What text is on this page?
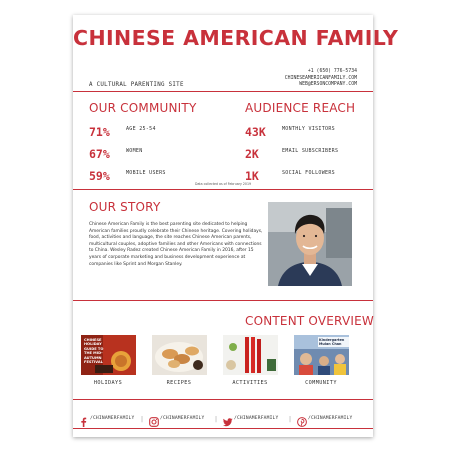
CHINESE AMERICAN FAMILY
A CULTURAL PARENTING SITE
+1 (650) 776-5734
CHINESEAMERICANFAMILY.COM
WEB@ERSONCOMPANY.COM
OUR COMMUNITY
71%	AGE 25-54
67%	WOMEN
59%	MOBILE USERS
AUDIENCE REACH
43K	MONTHLY VISITORS
2K	EMAIL SUBSCRIBERS
1K	SOCIAL FOLLOWERS
Data collected as of February 2019
OUR STORY
Chinese American Family is the best parenting site dedicated to helping American families proudly celebrate their Chinese heritage. Covering holidays, food, activities and language, the site reaches Chinese American parents, multicultural couples, adoptive families and other Americans with connections to China. Wesley Radez created Chinese American Family in 2016, after 15 years of corporate marketing and business development experience at companies like Sprint and Morgan Stanley.
CONTENT OVERVIEW
CHINESE HOLIDAY GUIDE TO THE MID-AUTUMN FESTIVAL
Kindergarten Mulan Chan
HOLIDAYS	RECIPES	ACTIVITIES	COMMUNITY
/CHINAMERFAMILY |	/CHINAMERFAMILY |	/CHINAMERFAMILY |	/CHINAMERFAMILY
